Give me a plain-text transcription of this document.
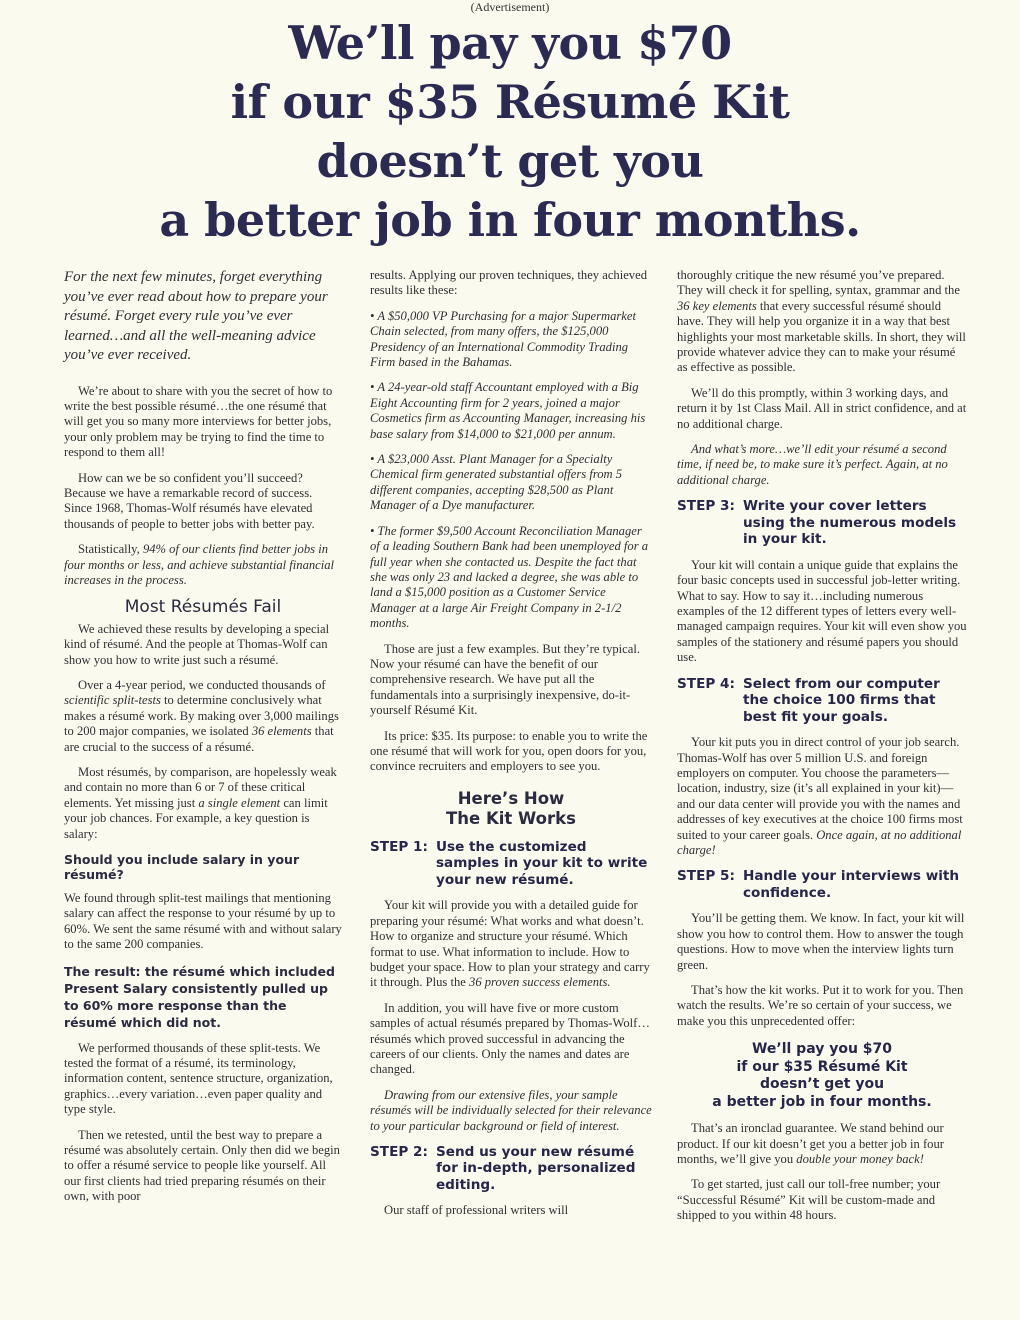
(Advertisement)
We’ll pay you $70
if our $35 Résumé Kit
doesn’t get you
a better job in four months.

For the next few minutes, forget everything you’ve ever read about how to prepare your résumé. Forget every rule you’ve ever learned…and all the well-meaning advice you’ve ever received.

We’re about to share with you the secret of how to write the best possible résumé…the one résumé that will get you so many more interviews for better jobs, your only problem may be trying to find the time to respond to them all!

How can we be so confident you’ll succeed? Because we have a remarkable record of success. Since 1968, Thomas-Wolf résumés have elevated thousands of people to better jobs with better pay.

Statistically, 94% of our clients find better jobs in four months or less, and achieve substantial financial increases in the process.

Most Résumés Fail

We achieved these results by developing a special kind of résumé. And the people at Thomas-Wolf can show you how to write just such a résumé.

Over a 4-year period, we conducted thousands of scientific split-tests to determine conclusively what makes a résumé work. By making over 3,000 mailings to 200 major companies, we isolated 36 elements that are crucial to the success of a résumé.

Most résumés, by comparison, are hopelessly weak and contain no more than 6 or 7 of these critical elements. Yet missing just a single element can limit your job chances. For example, a key question is salary:

Should you include salary in your résumé?

We found through split-test mailings that mentioning salary can affect the response to your résumé by up to 60%. We sent the same résumé with and without salary to the same 200 companies.

The result: the résumé which included Present Salary consistently pulled up to 60% more response than the résumé which did not.

We performed thousands of these split-tests. We tested the format of a résumé, its terminology, information content, sentence structure, organization, graphics…every variation…even paper quality and type style.

Then we retested, until the best way to prepare a résumé was absolutely certain. Only then did we begin to offer a résumé service to people like yourself. All our first clients had tried preparing résumés on their own, with poor

results. Applying our proven techniques, they achieved results like these:

• A $50,000 VP Purchasing for a major Supermarket Chain selected, from many offers, the $125,000 Presidency of an International Commodity Trading Firm based in the Bahamas.

• A 24-year-old staff Accountant employed with a Big Eight Accounting firm for 2 years, joined a major Cosmetics firm as Accounting Manager, increasing his base salary from $14,000 to $21,000 per annum.

• A $23,000 Asst. Plant Manager for a Specialty Chemical firm generated substantial offers from 5 different companies, accepting $28,500 as Plant Manager of a Dye manufacturer.

• The former $9,500 Account Reconciliation Manager of a leading Southern Bank had been unemployed for a full year when she contacted us. Despite the fact that she was only 23 and lacked a degree, she was able to land a $15,000 position as a Customer Service Manager at a large Air Freight Company in 2-1/2 months.

Those are just a few examples. But they’re typical. Now your résumé can have the benefit of our comprehensive research. We have put all the fundamentals into a surprisingly inexpensive, do-it-yourself Résumé Kit.

Its price: $35. Its purpose: to enable you to write the one résumé that will work for you, open doors for you, convince recruiters and employers to see you.

Here’s How
The Kit Works
STEP 1: Use the customized samples in your kit to write your new résumé.

Your kit will provide you with a detailed guide for preparing your résumé: What works and what doesn’t. How to organize and structure your résumé. Which format to use. What information to include. How to budget your space. How to plan your strategy and carry it through. Plus the 36 proven success elements.

In addition, you will have five or more custom samples of actual résumés prepared by Thomas-Wolf…résumés which proved successful in advancing the careers of our clients. Only the names and dates are changed.

Drawing from our extensive files, your sample résumés will be individually selected for their relevance to your particular background or field of interest.

STEP 2: Send us your new résumé for in-depth, personalized editing.

Our staff of professional writers will

thoroughly critique the new résumé you’ve prepared. They will check it for spelling, syntax, grammar and the 36 key elements that every successful résumé should have. They will help you organize it in a way that best highlights your most marketable skills. In short, they will provide whatever advice they can to make your résumé as effective as possible.

We’ll do this promptly, within 3 working days, and return it by 1st Class Mail. All in strict confidence, and at no additional charge.

And what’s more…we’ll edit your résumé a second time, if need be, to make sure it’s perfect. Again, at no additional charge.

STEP 3: Write your cover letters using the numerous models in your kit.

Your kit will contain a unique guide that explains the four basic concepts used in successful job-letter writing. What to say. How to say it…including numerous examples of the 12 different types of letters every well-managed campaign requires. Your kit will even show you samples of the stationery and résumé papers you should use.

STEP 4: Select from our computer the choice 100 firms that best fit your goals.

Your kit puts you in direct control of your job search. Thomas-Wolf has over 5 million U.S. and foreign employers on computer. You choose the parameters—location, industry, size (it’s all explained in your kit)—and our data center will provide you with the names and addresses of key executives at the choice 100 firms most suited to your career goals. Once again, at no additional charge!

STEP 5: Handle your interviews with confidence.

You’ll be getting them. We know. In fact, your kit will show you how to control them. How to answer the tough questions. How to move when the interview lights turn green.

That’s how the kit works. Put it to work for you. Then watch the results. We’re so certain of your success, we make you this unprecedented offer:

We’ll pay you $70
if our $35 Résumé Kit
doesn’t get you
a better job in four months.

That’s an ironclad guarantee. We stand behind our product. If our kit doesn’t get you a better job in four months, we’ll give you double your money back!

To get started, just call our toll-free number; your “Successful Résumé” Kit will be custom-made and shipped to you within 48 hours.
